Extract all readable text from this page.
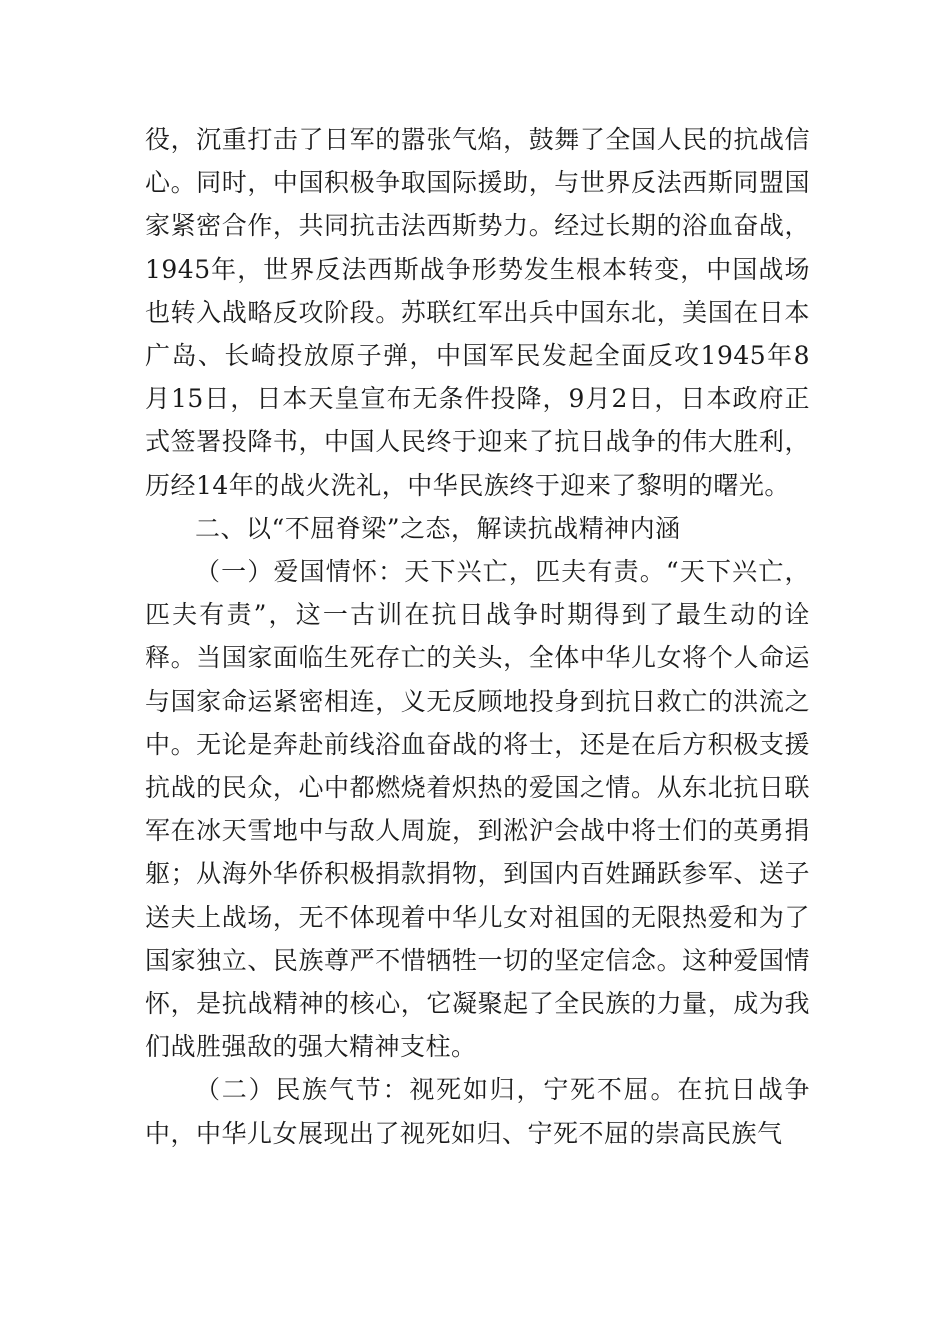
役，沉重打击了日军的嚣张气焰，鼓舞了全国人民的抗战信心。同时，中国积极争取国际援助，与世界反法西斯同盟国家紧密合作，共同抗击法西斯势力。经过长期的浴血奋战，1945年，世界反法西斯战争形势发生根本转变，中国战场也转入战略反攻阶段。苏联红军出兵中国东北，美国在日本广岛、长崎投放原子弹，中国军民发起全面反攻1945年8月15日，日本天皇宣布无条件投降，9月2日，日本政府正式签署投降书，中国人民终于迎来了抗日战争的伟大胜利，历经14年的战火洗礼，中华民族终于迎来了黎明的曙光。

二、以“不屈脊梁”之态，解读抗战精神内涵

（一）爱国情怀：天下兴亡，匹夫有责。“天下兴亡，匹夫有责”，这一古训在抗日战争时期得到了最生动的诠释。当国家面临生死存亡的关头，全体中华儿女将个人命运与国家命运紧密相连，义无反顾地投身到抗日救亡的洪流之中。无论是奔赴前线浴血奋战的将士，还是在后方积极支援抗战的民众，心中都燃烧着炽热的爱国之情。从东北抗日联军在冰天雪地中与敌人周旋，到淞沪会战中将士们的英勇捐躯；从海外华侨积极捐款捐物，到国内百姓踊跃参军、送子送夫上战场，无不体现着中华儿女对祖国的无限热爱和为了国家独立、民族尊严不惜牺牲一切的坚定信念。这种爱国情怀，是抗战精神的核心，它凝聚起了全民族的力量，成为我们战胜强敌的强大精神支柱。

（二）民族气节：视死如归，宁死不屈。在抗日战争中，中华儿女展现出了视死如归、宁死不屈的崇高民族气
